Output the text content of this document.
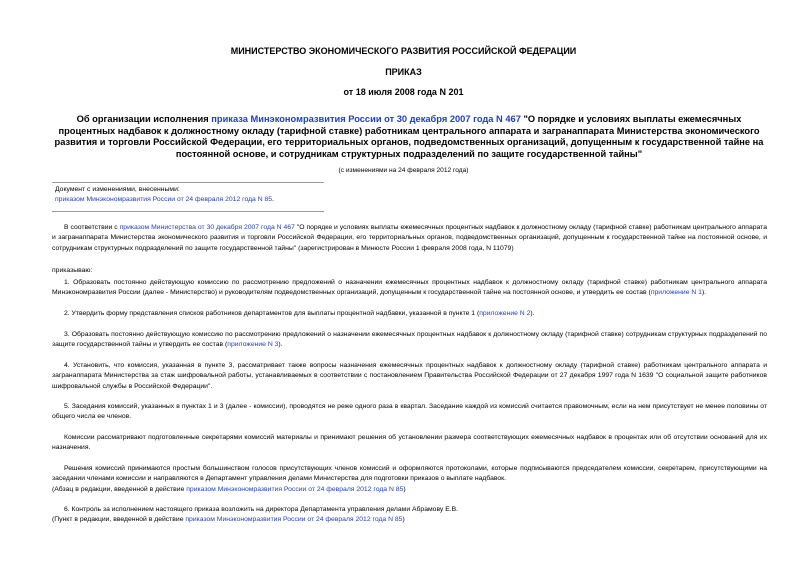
МИНИСТЕРСТВО ЭКОНОМИЧЕСКОГО РАЗВИТИЯ РОССИЙСКОЙ ФЕДЕРАЦИИ
ПРИКАЗ
от 18 июля 2008 года N 201
Об организации исполнения приказа Минэкономразвития России от 30 декабря 2007 года N 467 "О порядке и условиях выплаты ежемесячных процентных надбавок к должностному окладу (тарифной ставке) работникам центрального аппарата и загранаппарата Министерства экономического развития и торговли Российской Федерации, его территориальных органов, подведомственных организаций, допущенным к государственной тайне на постоянной основе, и сотрудникам структурных подразделений по защите государственной тайны"
(с изменениями на 24 февраля 2012 года)
Документ с изменениями, внесенными:
приказом Минэкономразвития России от 24 февраля 2012 года N 85.
В соответствии с приказом Министерства от 30 декабря 2007 года N 467 "О порядке и условиях выплаты ежемесячных процентных надбавок к должностному окладу (тарифной ставке) работникам центрального аппарата и загранаппарата Министерства экономического развития и торговли Российской Федерации, его территориальных органов, подведомственных организаций, допущенным к государственной тайне на постоянной основе, и сотрудникам структурных подразделений по защите государственной тайны" (зарегистрирован в Минюсте России 1 февраля 2008 года, N 11079)
приказываю:
1. Образовать постоянно действующую комиссию по рассмотрению предложений о назначении ежемесячных процентных надбавок к должностному окладу (тарифной ставке) работникам центрального аппарата Минэкономразвития России (далее - Министерство) и руководителям подведомственных организаций, допущенным к государственной тайне на постоянной основе, и утвердить ее состав (приложение N 1).
2. Утвердить форму представления списков работников департаментов для выплаты процентной надбавки, указанной в пункте 1 (приложение N 2).
3. Образовать постоянно действующую комиссию по рассмотрению предложений о назначении ежемесячных процентных надбавок к должностному окладу (тарифной ставке) сотрудникам структурных подразделений по защите государственной тайны и утвердить ее состав (приложение N 3).
4. Установить, что комиссия, указанная в пункте 3, рассматривает также вопросы назначения ежемесячных процентных надбавок к должностному окладу (тарифной ставке) работникам центрального аппарата и загранаппарата Министерства за стаж шифровальной работы, устанавливаемых в соответствии с постановлением Правительства Российской Федерации от 27 декабря 1997 года N 1639 "О социальной защите работников шифровальной службы в Российской Федерации".
5. Заседания комиссий, указанных в пунктах 1 и 3 (далее - комиссии), проводятся не реже одного раза в квартал. Заседание каждой из комиссий считается правомочным, если на нем присутствует не менее половины от общего числа ее членов.
Комиссии рассматривают подготовленные секретарями комиссий материалы и принимают решения об установлении размера соответствующих ежемесячных надбавок в процентах или об отсутствии оснований для их назначения.
Решения комиссий принимаются простым большинством голосов присутствующих членов комиссий и оформляются протоколами, которые подписываются председателем комиссии, секретарем, присутствующими на заседании членами комиссии и направляются в Департамент управления делами Министерства для подготовки приказов о выплате надбавок.
(Абзац в редакции, введенной в действие приказом Минэкономразвития России от 24 февраля 2012 года N 85)
6. Контроль за исполнением настоящего приказа возложить на директора Департамента управления делами Абрамову Е.В.
(Пункт в редакции, введенной в действие приказом Минэкономразвития России от 24 февраля 2012 года N 85)
